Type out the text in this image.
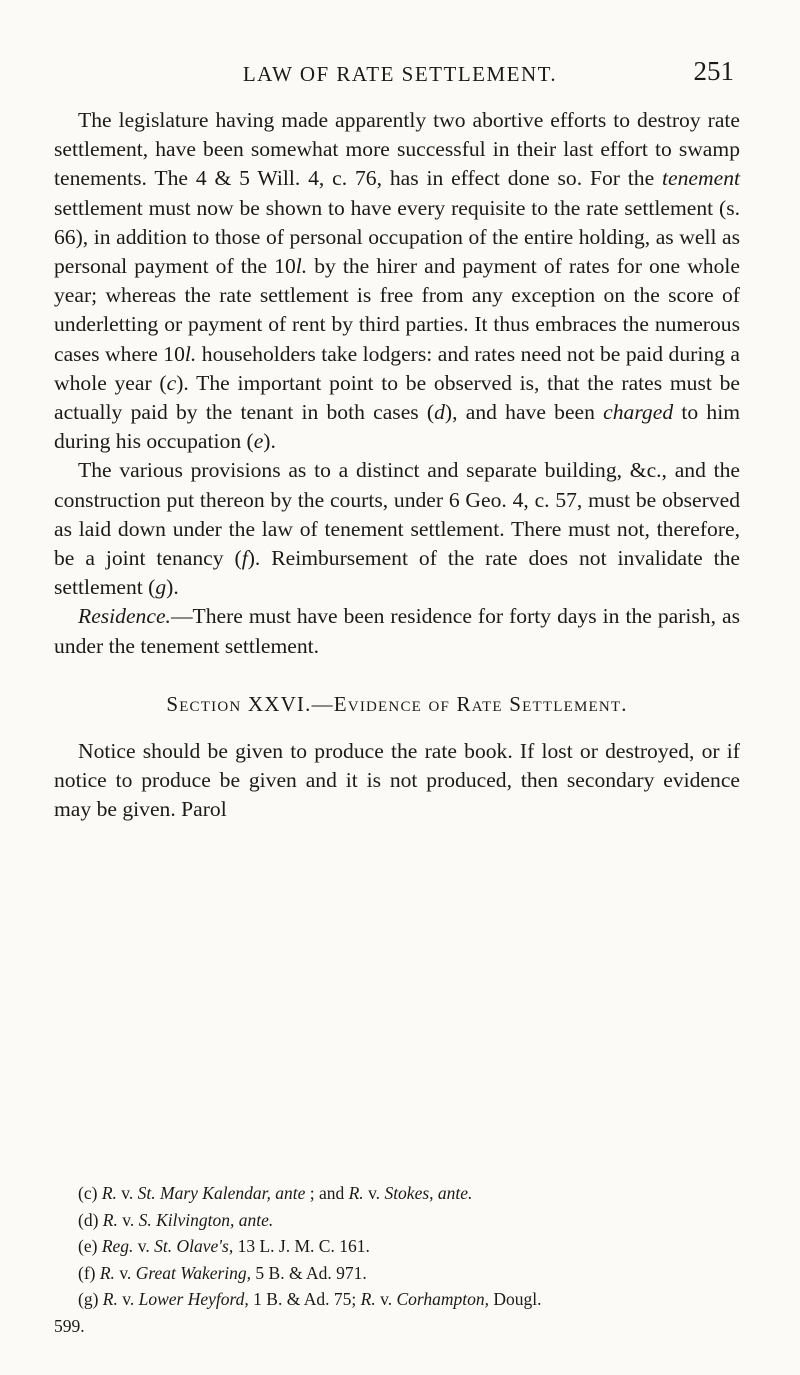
LAW OF RATE SETTLEMENT.	251

The legislature having made apparently two abortive efforts to destroy rate settlement, have been somewhat more successful in their last effort to swamp tenements. The 4 & 5 Will. 4, c. 76, has in effect done so. For the tenement settlement must now be shown to have every requisite to the rate settlement (s. 66), in addition to those of personal occupation of the entire holding, as well as personal payment of the 10l. by the hirer and payment of rates for one whole year; whereas the rate settlement is free from any exception on the score of underletting or payment of rent by third parties. It thus embraces the numerous cases where 10l. householders take lodgers: and rates need not be paid during a whole year (c). The important point to be observed is, that the rates must be actually paid by the tenant in both cases (d), and have been charged to him during his occupation (e).

The various provisions as to a distinct and separate building, &c., and the construction put thereon by the courts, under 6 Geo. 4, c. 57, must be observed as laid down under the law of tenement settlement. There must not, therefore, be a joint tenancy (f). Reimbursement of the rate does not invalidate the settlement (g).

Residence.—There must have been residence for forty days in the parish, as under the tenement settlement.

Section XXVI.—Evidence of Rate Settlement.

Notice should be given to produce the rate book. If lost or destroyed, or if notice to produce be given and it is not produced, then secondary evidence may be given. Parol

(c) R. v. St. Mary Kalendar, ante ; and R. v. Stokes, ante.
(d) R. v. S. Kilvington, ante.
(e) Reg. v. St. Olave's, 13 L. J. M. C. 161.
(f) R. v. Great Wakering, 5 B. & Ad. 971.
(g) R. v. Lower Heyford, 1 B. & Ad. 75; R. v. Corhampton, Dougl.
599.
